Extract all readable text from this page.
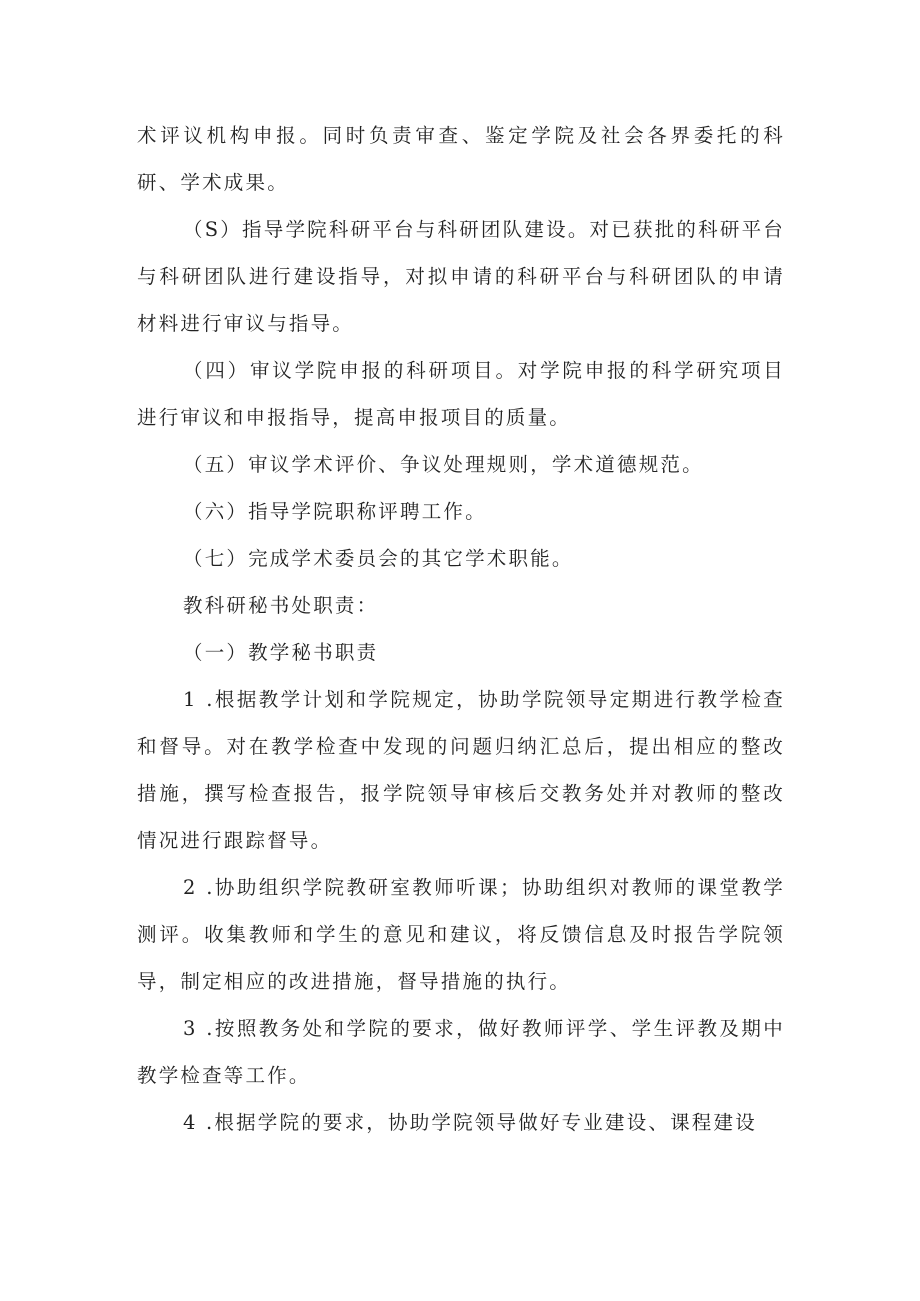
术评议机构申报。同时负责审查、鉴定学院及社会各界委托的科研、学术成果。

（S）指导学院科研平台与科研团队建设。对已获批的科研平台与科研团队进行建设指导，对拟申请的科研平台与科研团队的申请材料进行审议与指导。

（四）审议学院申报的科研项目。对学院申报的科学研究项目进行审议和申报指导，提高申报项目的质量。

（五）审议学术评价、争议处理规则，学术道德规范。

（六）指导学院职称评聘工作。

（七）完成学术委员会的其它学术职能。

教科研秘书处职责：

（一）教学秘书职责

1 .根据教学计划和学院规定，协助学院领导定期进行教学检查和督导。对在教学检查中发现的问题归纳汇总后，提出相应的整改措施，撰写检查报告，报学院领导审核后交教务处并对教师的整改情况进行跟踪督导。

2 .协助组织学院教研室教师听课；协助组织对教师的课堂教学测评。收集教师和学生的意见和建议，将反馈信息及时报告学院领导，制定相应的改进措施，督导措施的执行。

3 .按照教务处和学院的要求，做好教师评学、学生评教及期中教学检查等工作。

4 .根据学院的要求，协助学院领导做好专业建设、课程建设
